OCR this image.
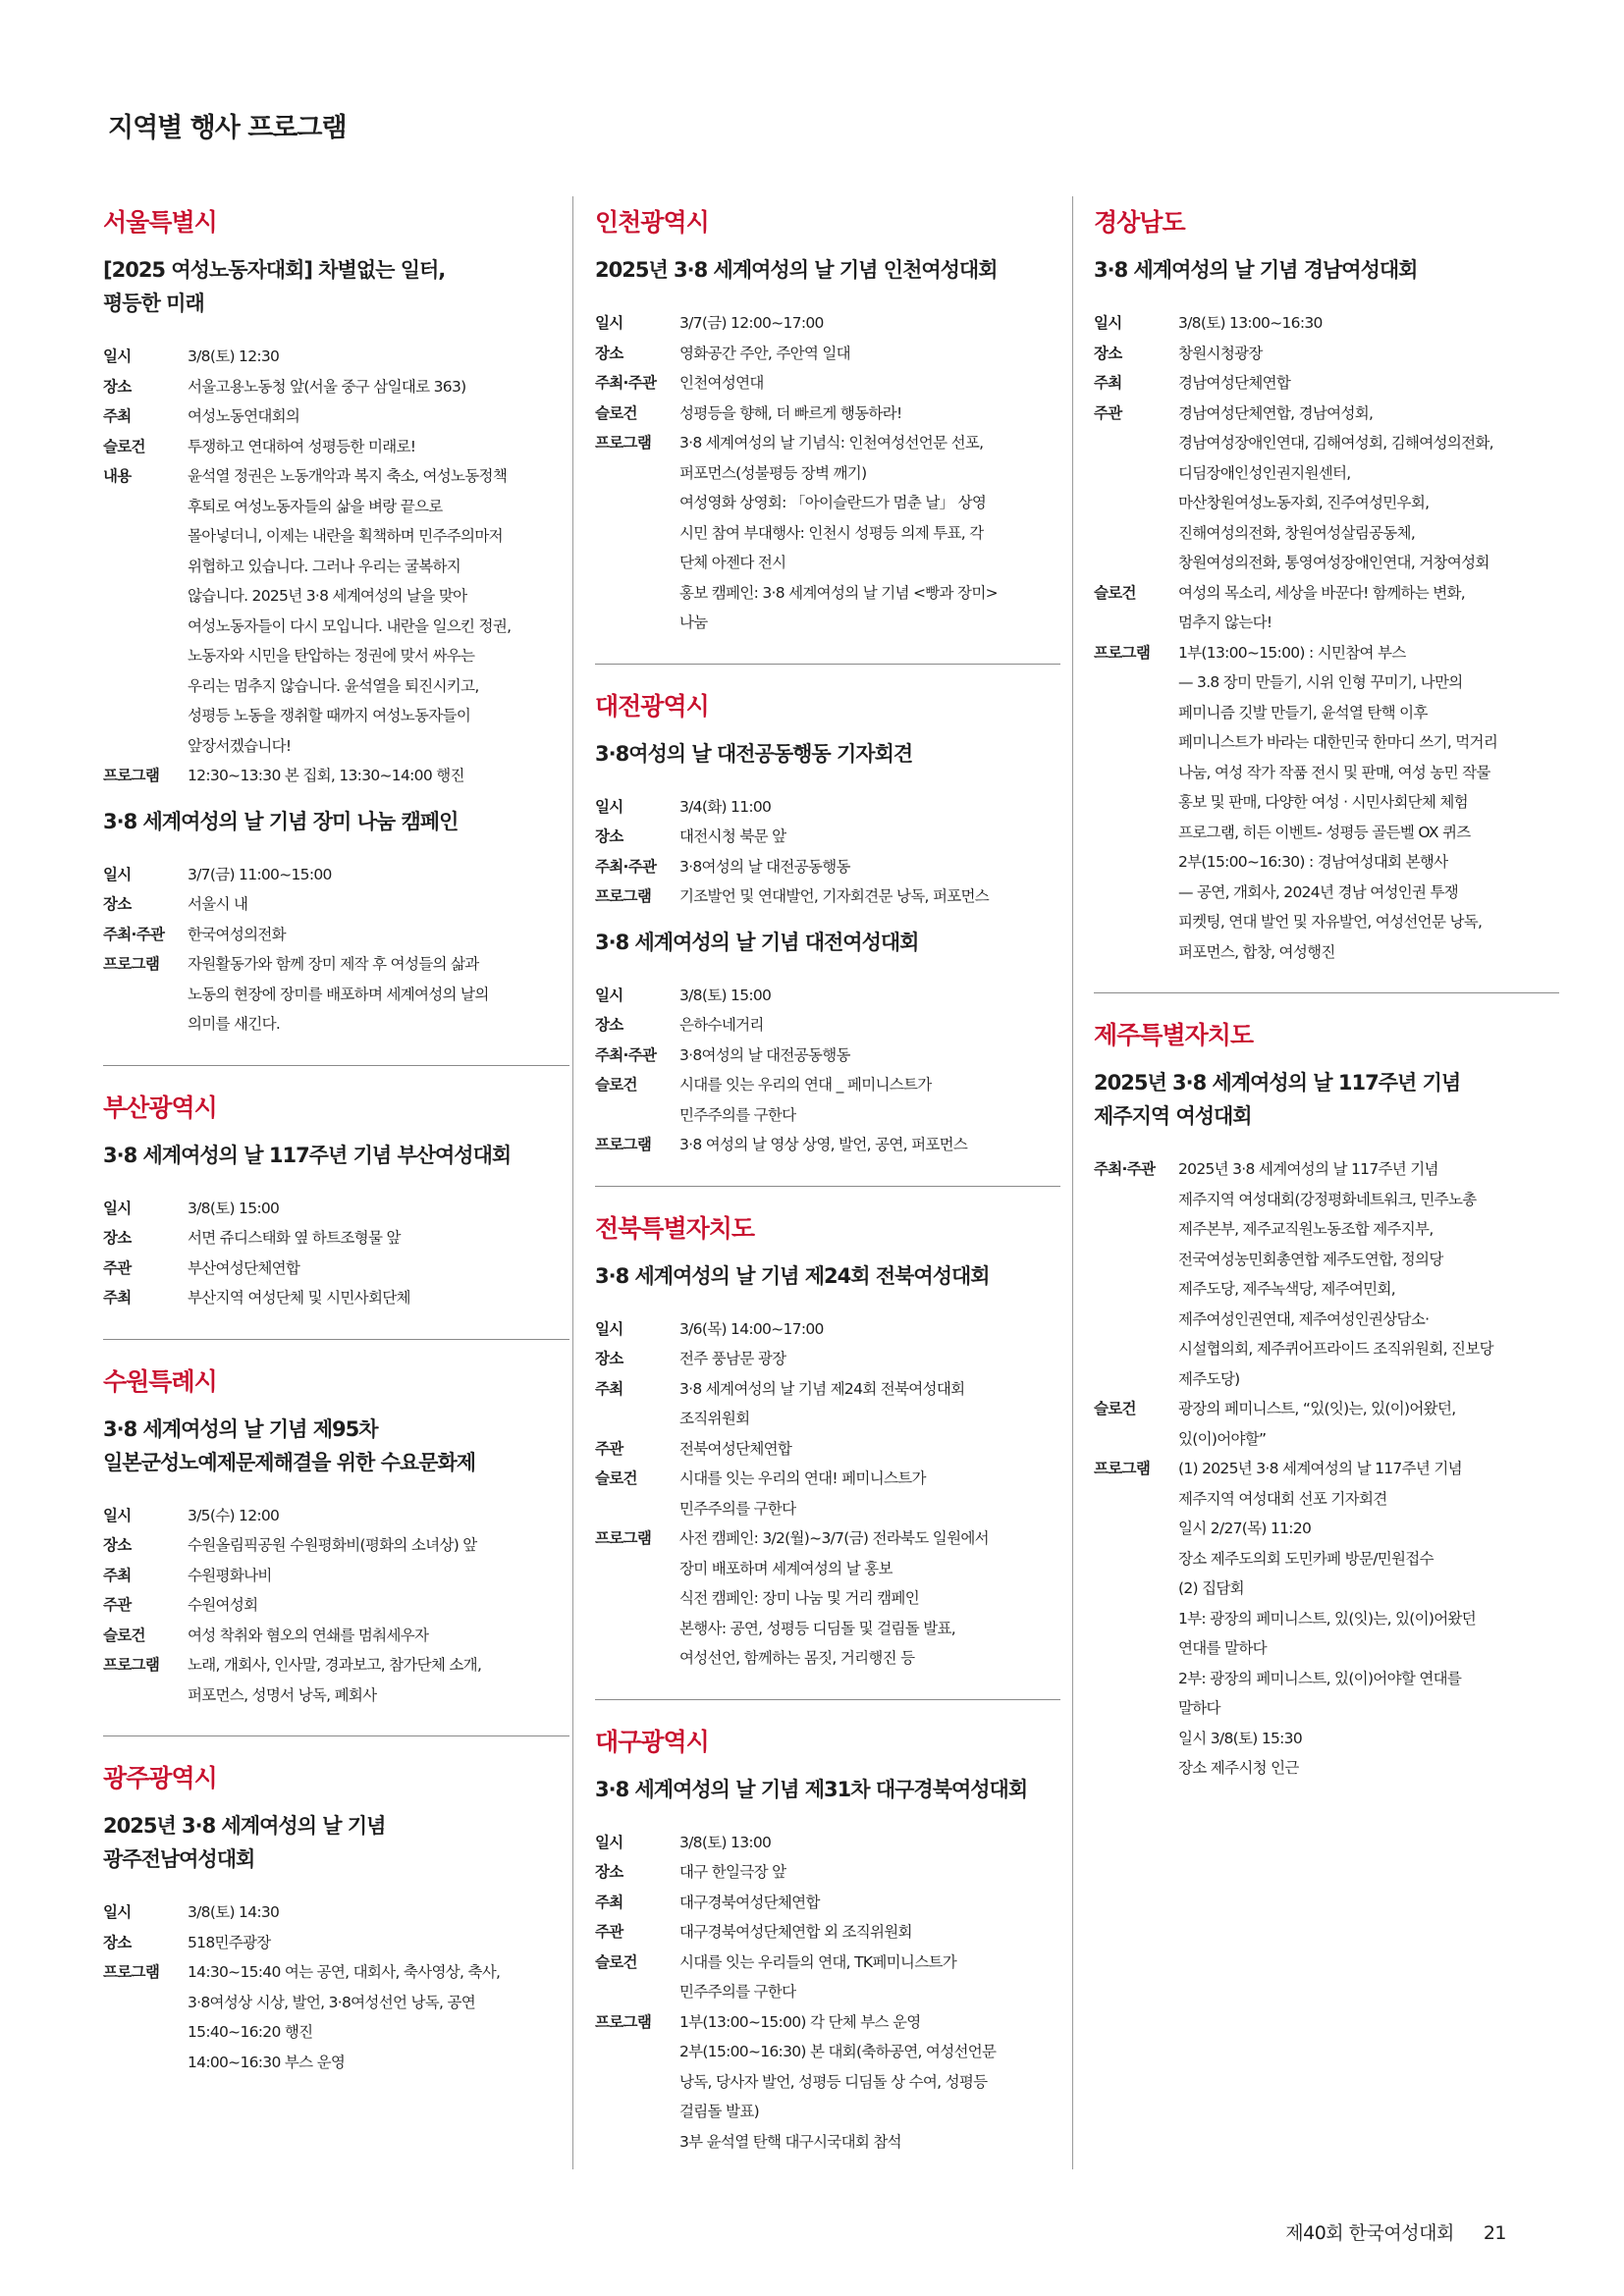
지역별 행사 프로그램
서울특별시
[2025 여성노동자대회] 차별없는 일터,
평등한 미래
일시	3/8(토) 12:30
장소	서울고용노동청 앞(서울 중구 삼일대로 363)
주최	여성노동연대회의
슬로건	투쟁하고 연대하여 성평등한 미래로!
내용	윤석열 정권은 노동개악과 복지 축소, 여성노동정책
후퇴로 여성노동자들의 삶을 벼랑 끝으로
몰아넣더니, 이제는 내란을 획책하며 민주주의마저
위협하고 있습니다. 그러나 우리는 굴복하지
않습니다. 2025년 3·8 세계여성의 날을 맞아
여성노동자들이 다시 모입니다. 내란을 일으킨 정권,
노동자와 시민을 탄압하는 정권에 맞서 싸우는
우리는 멈추지 않습니다. 윤석열을 퇴진시키고,
성평등 노동을 쟁취할 때까지 여성노동자들이
앞장서겠습니다!
프로그램	12:30~13:30 본 집회, 13:30~14:00 행진
3·8 세계여성의 날 기념 장미 나눔 캠페인
일시	3/7(금) 11:00~15:00
장소	서울시 내
주최·주관	한국여성의전화
프로그램	자원활동가와 함께 장미 제작 후 여성들의 삶과
노동의 현장에 장미를 배포하며 세계여성의 날의
의미를 새긴다.
부산광역시
3·8 세계여성의 날 117주년 기념 부산여성대회
일시	3/8(토) 15:00
장소	서면 쥬디스태화 옆 하트조형물 앞
주관	부산여성단체연합
주최	부산지역 여성단체 및 시민사회단체
수원특례시
3·8 세계여성의 날 기념 제95차
일본군성노예제문제해결을 위한 수요문화제
일시	3/5(수) 12:00
장소	수원올림픽공원 수원평화비(평화의 소녀상) 앞
주최	수원평화나비
주관	수원여성회
슬로건	여성 착취와 혐오의 연쇄를 멈춰세우자
프로그램	노래, 개회사, 인사말, 경과보고, 참가단체 소개,
퍼포먼스, 성명서 낭독, 폐회사
광주광역시
2025년 3·8 세계여성의 날 기념
광주전남여성대회
일시	3/8(토) 14:30
장소	518민주광장
프로그램	14:30~15:40 여는 공연, 대회사, 축사영상, 축사,
3·8여성상 시상, 발언, 3·8여성선언 낭독, 공연
15:40~16:20 행진
14:00~16:30 부스 운영
인천광역시
2025년 3·8 세계여성의 날 기념 인천여성대회
일시	3/7(금) 12:00~17:00
장소	영화공간 주안, 주안역 일대
주최·주관	인천여성연대
슬로건	성평등을 향해, 더 빠르게 행동하라!
프로그램	3·8 세계여성의 날 기념식: 인천여성선언문 선포,
퍼포먼스(성불평등 장벽 깨기)
여성영화 상영회: 「아이슬란드가 멈춘 날」 상영
시민 참여 부대행사: 인천시 성평등 의제 투표, 각
단체 아젠다 전시
홍보 캠페인: 3·8 세계여성의 날 기념 <빵과 장미>
나눔
대전광역시
3·8여성의 날 대전공동행동 기자회견
일시	3/4(화) 11:00
장소	대전시청 북문 앞
주최·주관	3·8여성의 날 대전공동행동
프로그램	기조발언 및 연대발언, 기자회견문 낭독, 퍼포먼스
3·8 세계여성의 날 기념 대전여성대회
일시	3/8(토) 15:00
장소	은하수네거리
주최·주관	3·8여성의 날 대전공동행동
슬로건	시대를 잇는 우리의 연대 _ 페미니스트가
민주주의를 구한다
프로그램	3·8 여성의 날 영상 상영, 발언, 공연, 퍼포먼스
전북특별자치도
3·8 세계여성의 날 기념 제24회 전북여성대회
일시	3/6(목) 14:00~17:00
장소	전주 풍남문 광장
주최	3·8 세계여성의 날 기념 제24회 전북여성대회
조직위원회
주관	전북여성단체연합
슬로건	시대를 잇는 우리의 연대! 페미니스트가
민주주의를 구한다
프로그램	사전 캠페인: 3/2(월)~3/7(금) 전라북도 일원에서
장미 배포하며 세계여성의 날 홍보
식전 캠페인: 장미 나눔 및 거리 캠페인
본행사: 공연, 성평등 디딤돌 및 걸림돌 발표,
여성선언, 함께하는 몸짓, 거리행진 등
대구광역시
3·8 세계여성의 날 기념 제31차 대구경북여성대회
일시	3/8(토) 13:00
장소	대구 한일극장 앞
주최	대구경북여성단체연합
주관	대구경북여성단체연합 외 조직위원회
슬로건	시대를 잇는 우리들의 연대, TK페미니스트가
민주주의를 구한다
프로그램	1부(13:00~15:00) 각 단체 부스 운영
2부(15:00~16:30) 본 대회(축하공연, 여성선언문
낭독, 당사자 발언, 성평등 디딤돌 상 수여, 성평등
걸림돌 발표)
3부 윤석열 탄핵 대구시국대회 참석
경상남도
3·8 세계여성의 날 기념 경남여성대회
일시	3/8(토) 13:00~16:30
장소	창원시청광장
주최	경남여성단체연합
주관	경남여성단체연합, 경남여성회,
경남여성장애인연대, 김해여성회, 김해여성의전화,
디딤장애인성인권지원센터,
마산창원여성노동자회, 진주여성민우회,
진해여성의전화, 창원여성살림공동체,
창원여성의전화, 통영여성장애인연대, 거창여성회
슬로건	여성의 목소리, 세상을 바꾼다! 함께하는 변화,
멈추지 않는다!
프로그램	1부(13:00~15:00) : 시민참여 부스
— 3.8 장미 만들기, 시위 인형 꾸미기, 나만의
페미니즘 깃발 만들기, 윤석열 탄핵 이후
페미니스트가 바라는 대한민국 한마디 쓰기, 먹거리
나눔, 여성 작가 작품 전시 및 판매, 여성 농민 작물
홍보 및 판매, 다양한 여성 · 시민사회단체 체험
프로그램, 히든 이벤트- 성평등 골든벨 OX 퀴즈
2부(15:00~16:30) : 경남여성대회 본행사
— 공연, 개회사, 2024년 경남 여성인권 투쟁
피켓팅, 연대 발언 및 자유발언, 여성선언문 낭독,
퍼포먼스, 합창, 여성행진
제주특별자치도
2025년 3·8 세계여성의 날 117주년 기념
제주지역 여성대회
주최·주관	2025년 3·8 세계여성의 날 117주년 기념
제주지역 여성대회(강정평화네트워크, 민주노총
제주본부, 제주교직원노동조합 제주지부,
전국여성농민회총연합 제주도연합, 정의당
제주도당, 제주녹색당, 제주여민회,
제주여성인권연대, 제주여성인권상담소·
시설협의회, 제주퀴어프라이드 조직위원회, 진보당
제주도당)
슬로건	광장의 페미니스트, “있(잇)는, 있(이)어왔던,
있(이)어야할”
프로그램	(1) 2025년 3·8 세계여성의 날 117주년 기념
제주지역 여성대회 선포 기자회견
일시 2/27(목) 11:20
장소 제주도의회 도민카페 방문/민원접수
(2) 집담회
1부: 광장의 페미니스트, 있(잇)는, 있(이)어왔던
연대를 말하다
2부: 광장의 페미니스트, 있(이)어야할 연대를
말하다
일시 3/8(토) 15:30
장소 제주시청 인근
제40회 한국여성대회 21
